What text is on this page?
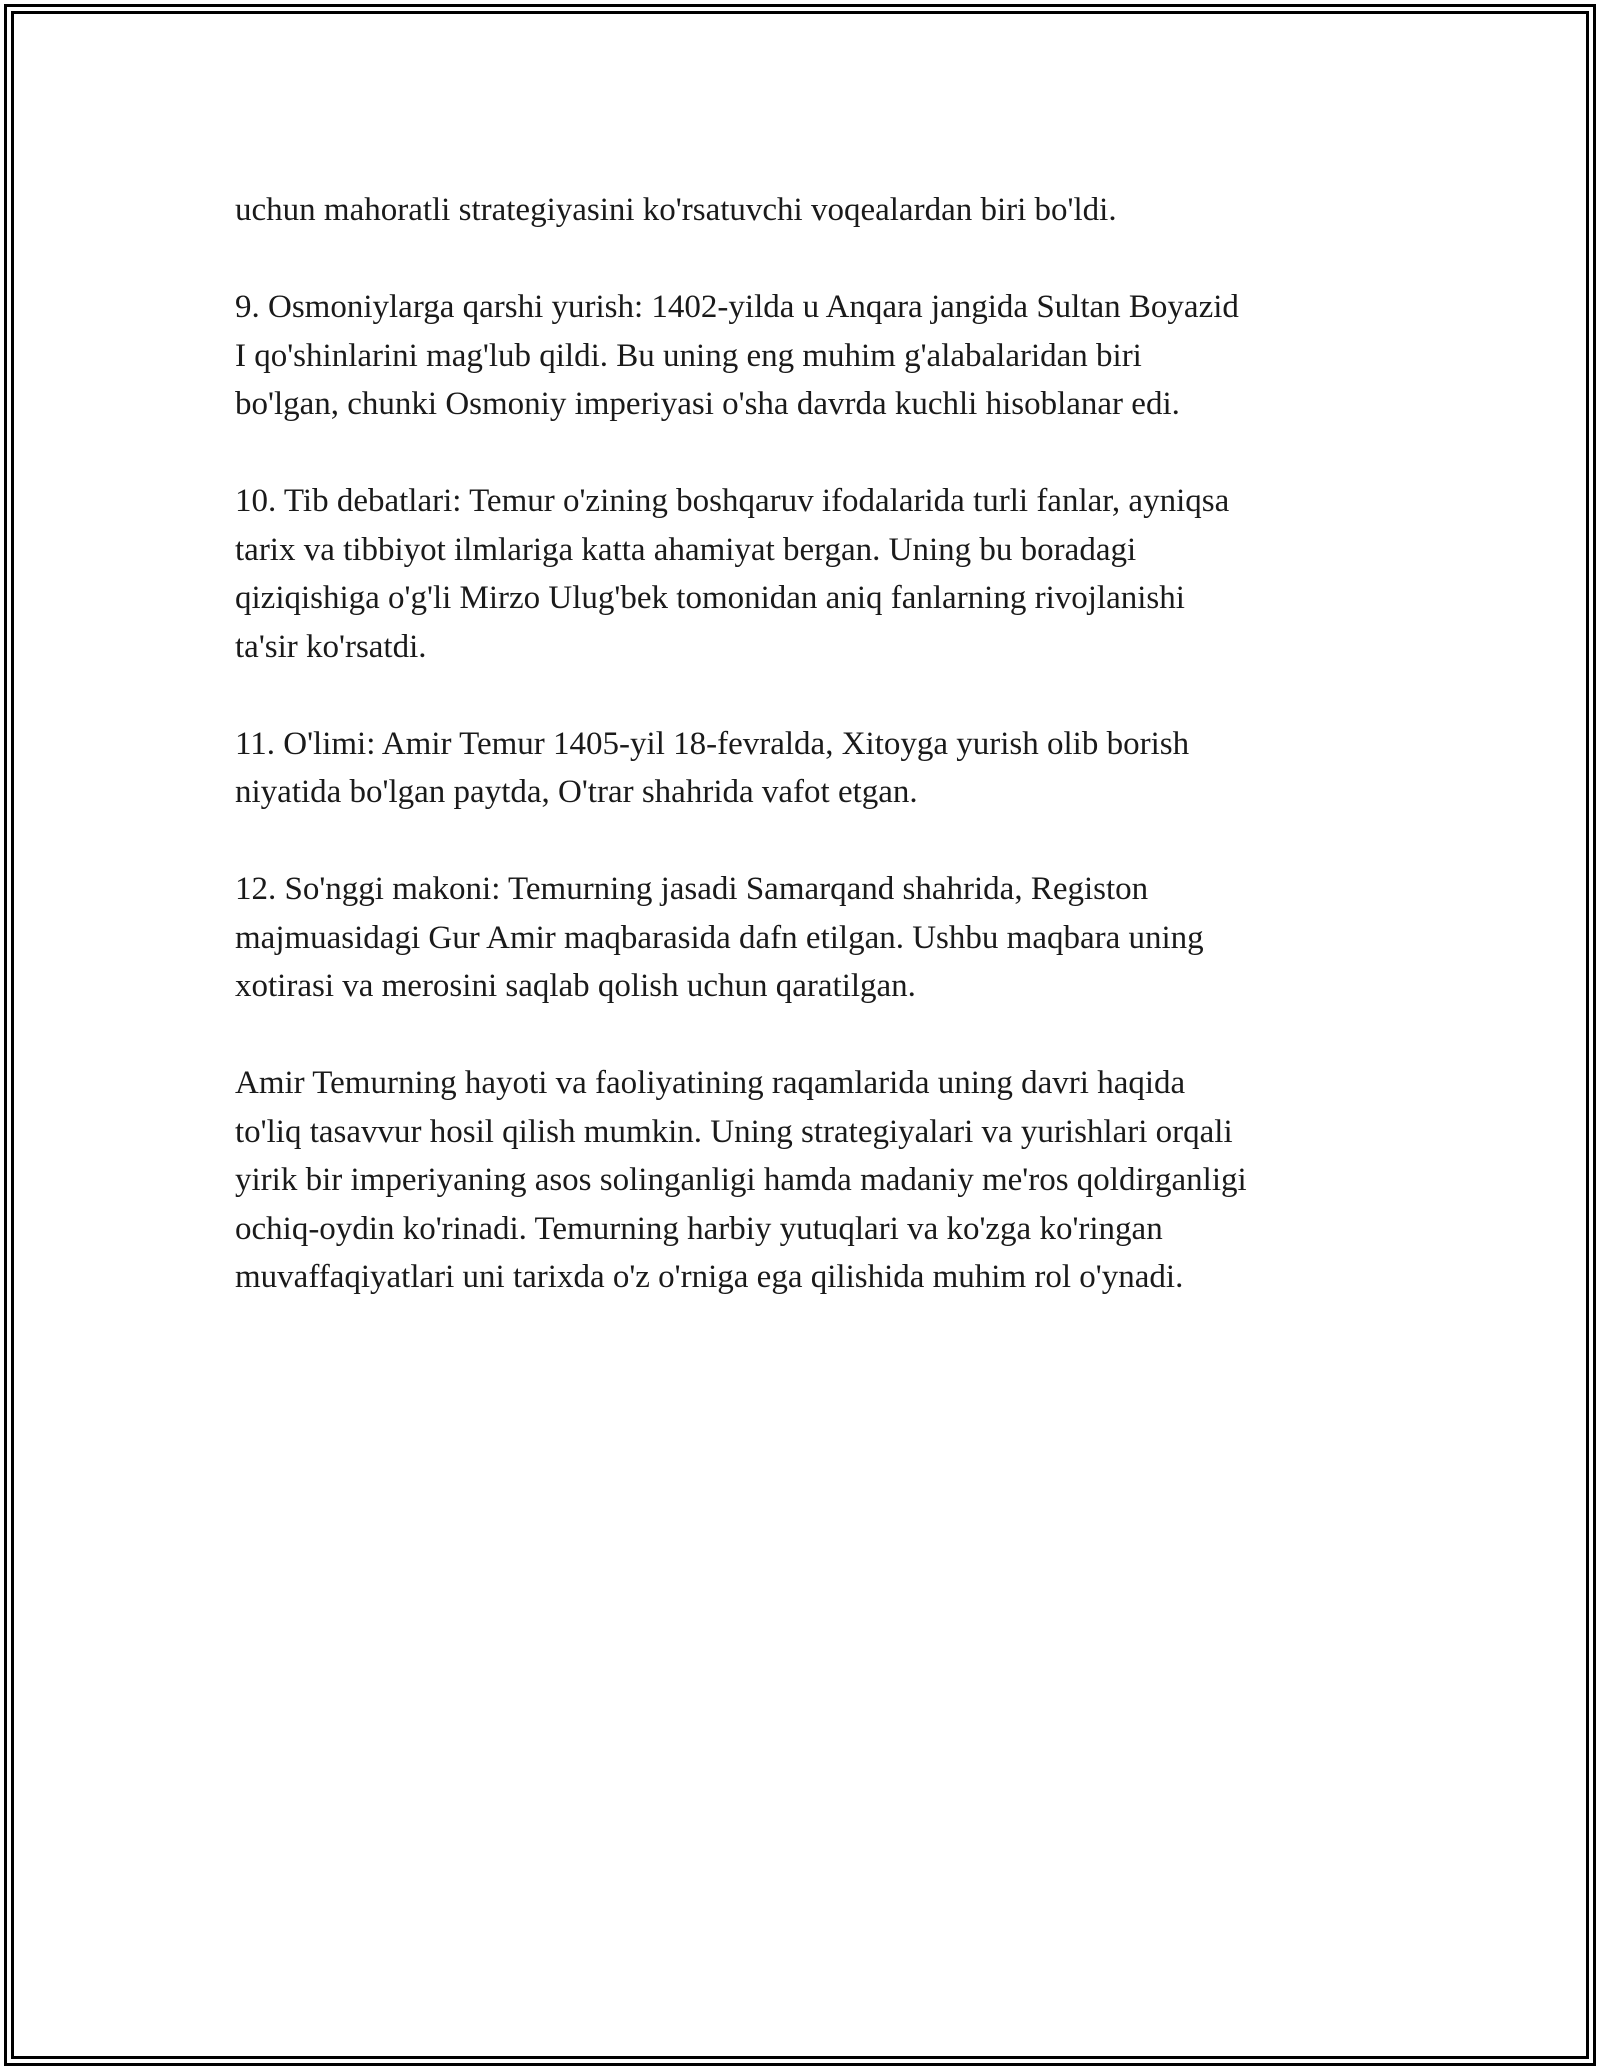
uchun mahoratli strategiyasini ko'rsatuvchi voqealardan biri bo'ldi.

9. Osmoniylarga qarshi yurish: 1402-yilda u Anqara jangida Sultan Boyazid
I qo'shinlarini mag'lub qildi. Bu uning eng muhim g'alabalaridan biri
bo'lgan, chunki Osmoniy imperiyasi o'sha davrda kuchli hisoblanar edi.

10. Tib debatlari: Temur o'zining boshqaruv ifodalarida turli fanlar, ayniqsa
tarix va tibbiyot ilmlariga katta ahamiyat bergan. Uning bu boradagi
qiziqishiga o'g'li Mirzo Ulug'bek tomonidan aniq fanlarning rivojlanishi
ta'sir ko'rsatdi.

11. O'limi: Amir Temur 1405-yil 18-fevralda, Xitoyga yurish olib borish
niyatida bo'lgan paytda, O'trar shahrida vafot etgan.

12. So'nggi makoni: Temurning jasadi Samarqand shahrida, Registon
majmuasidagi Gur Amir maqbarasida dafn etilgan. Ushbu maqbara uning
xotirasi va merosini saqlab qolish uchun qaratilgan.

Amir Temurning hayoti va faoliyatining raqamlarida uning davri haqida
to'liq tasavvur hosil qilish mumkin. Uning strategiyalari va yurishlari orqali
yirik bir imperiyaning asos solinganligi hamda madaniy me'ros qoldirganligi
ochiq-oydin ko'rinadi. Temurning harbiy yutuqlari va ko'zga ko'ringan
muvaffaqiyatlari uni tarixda o'z o'rniga ega qilishida muhim rol o'ynadi.
